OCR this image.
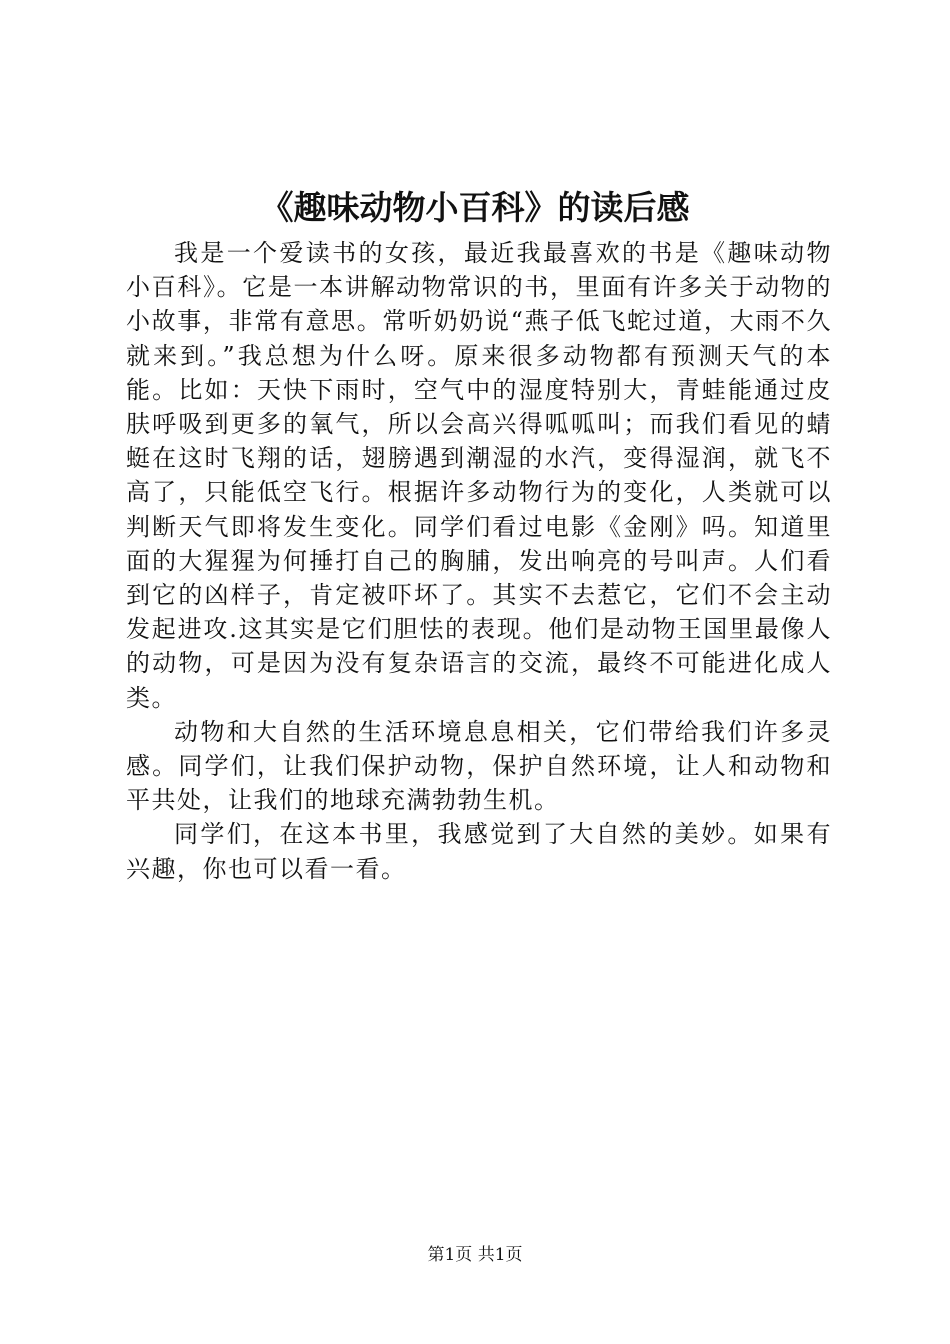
《趣味动物小百科》的读后感

我是一个爱读书的女孩，最近我最喜欢的书是《趣味动物小百科》。它是一本讲解动物常识的书，里面有许多关于动物的小故事，非常有意思。常听奶奶说“燕子低飞蛇过道，大雨不久就来到。”我总想为什么呀。原来很多动物都有预测天气的本能。比如：天快下雨时，空气中的湿度特别大，青蛙能通过皮肤呼吸到更多的氧气，所以会高兴得呱呱叫；而我们看见的蜻蜓在这时飞翔的话，翅膀遇到潮湿的水汽，变得湿润，就飞不高了，只能低空飞行。根据许多动物行为的变化，人类就可以判断天气即将发生变化。同学们看过电影《金刚》吗。知道里面的大猩猩为何捶打自己的胸脯，发出响亮的号叫声。人们看到它的凶样子，肯定被吓坏了。其实不去惹它，它们不会主动发起进攻.这其实是它们胆怯的表现。他们是动物王国里最像人的动物，可是因为没有复杂语言的交流，最终不可能进化成人类。

动物和大自然的生活环境息息相关，它们带给我们许多灵感。同学们，让我们保护动物，保护自然环境，让人和动物和平共处，让我们的地球充满勃勃生机。

同学们，在这本书里，我感觉到了大自然的美妙。如果有兴趣，你也可以看一看。

第1页 共1页
